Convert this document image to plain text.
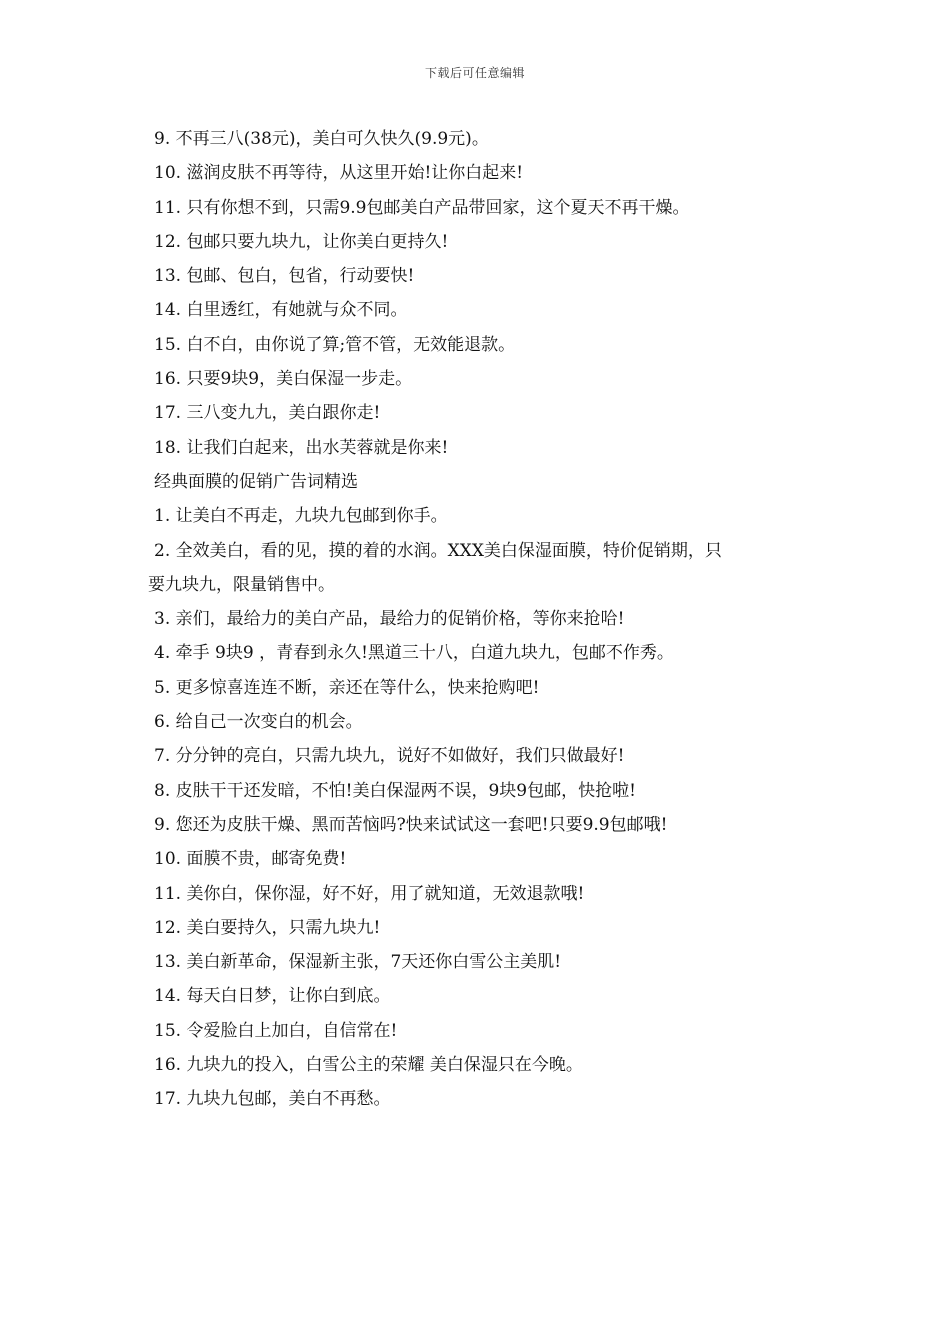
下载后可任意编辑
9. 不再三八(38元)，美白可久快久(9.9元)。
10. 滋润皮肤不再等待，从这里开始!让你白起来!
11. 只有你想不到，只需9.9包邮美白产品带回家，这个夏天不再干燥。
12. 包邮只要九块九，让你美白更持久!
13. 包邮、包白，包省，行动要快!
14. 白里透红，有她就与众不同。
15. 白不白，由你说了算;管不管，无效能退款。
16. 只要9块9，美白保湿一步走。
17. 三八变九九，美白跟你走!
18. 让我们白起来，出水芙蓉就是你来!
经典面膜的促销广告词精选
1. 让美白不再走，九块九包邮到你手。
2. 全效美白，看的见，摸的着的水润。XXX美白保湿面膜，特价促销期，只
要九块九，限量销售中。
3. 亲们，最给力的美白产品，最给力的促销价格，等你来抢哈!
4. 牵手 9块9 ，青春到永久!黑道三十八，白道九块九，包邮不作秀。
5. 更多惊喜连连不断，亲还在等什么，快来抢购吧!
6. 给自己一次变白的机会。
7. 分分钟的亮白，只需九块九，说好不如做好，我们只做最好!
8. 皮肤干干还发暗，不怕!美白保湿两不误，9块9包邮，快抢啦!
9. 您还为皮肤干燥、黑而苦恼吗?快来试试这一套吧!只要9.9包邮哦!
10. 面膜不贵，邮寄免费!
11. 美你白，保你湿，好不好，用了就知道，无效退款哦!
12. 美白要持久，只需九块九!
13. 美白新革命，保湿新主张，7天还你白雪公主美肌!
14. 每天白日梦，让你白到底。
15. 令爱脸白上加白，自信常在!
16. 九块九的投入，白雪公主的荣耀 美白保湿只在今晚。
17. 九块九包邮，美白不再愁。
